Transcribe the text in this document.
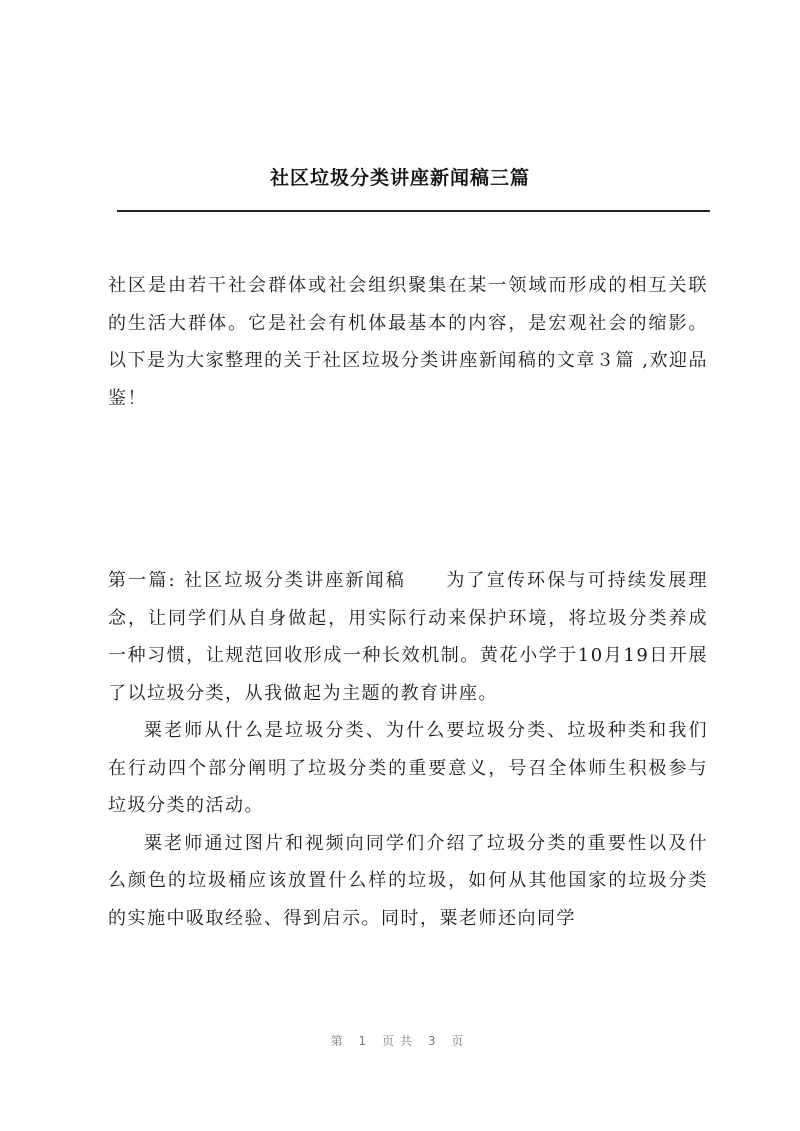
社区垃圾分类讲座新闻稿三篇
社区是由若干社会群体或社会组织聚集在某一领域而形成的相互关联的生活大群体。它是社会有机体最基本的内容，是宏观社会的缩影。 以下是为大家整理的关于社区垃圾分类讲座新闻稿的文章３篇 ,欢迎品鉴！

第一篇: 社区垃圾分类讲座新闻稿　　为了宣传环保与可持续发展理念，让同学们从自身做起，用实际行动来保护环境，将垃圾分类养成一种习惯，让规范回收形成一种长效机制。黄花小学于10月19日开展了以垃圾分类，从我做起为主题的教育讲座。

粟老师从什么是垃圾分类、为什么要垃圾分类、垃圾种类和我们在行动四个部分阐明了垃圾分类的重要意义，号召全体师生积极参与垃圾分类的活动。

粟老师通过图片和视频向同学们介绍了垃圾分类的重要性以及什么颜色的垃圾桶应该放置什么样的垃圾，如何从其他国家的垃圾分类的实施中吸取经验、得到启示。同时，粟老师还向同学

第 1 页共 3 页
